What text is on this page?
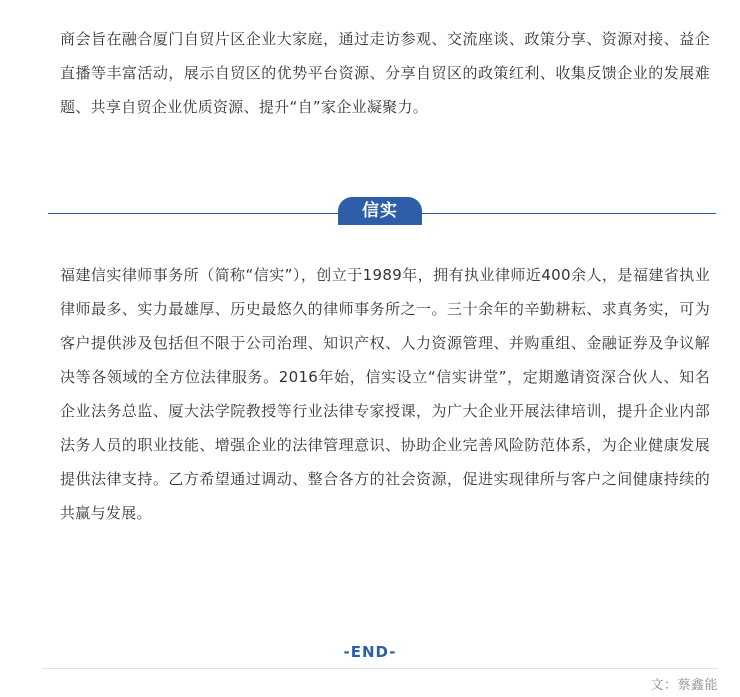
商会旨在融合厦门自贸片区企业大家庭，通过走访参观、交流座谈、政策分享、资源对接、益企直播等丰富活动，展示自贸区的优势平台资源、分享自贸区的政策红利、收集反馈企业的发展难题、共享自贸企业优质资源、提升“自”家企业凝聚力。

信实

福建信实律师事务所（简称“信实”），创立于1989年，拥有执业律师近400余人，是福建省执业律师最多、实力最雄厚、历史最悠久的律师事务所之一。三十余年的辛勤耕耘、求真务实，可为客户提供涉及包括但不限于公司治理、知识产权、人力资源管理、并购重组、金融证券及争议解决等各领域的全方位法律服务。2016年始，信实设立“信实讲堂”，定期邀请资深合伙人、知名企业法务总监、厦大法学院教授等行业法律专家授课，为广大企业开展法律培训，提升企业内部法务人员的职业技能、增强企业的法律管理意识、协助企业完善风险防范体系，为企业健康发展提供法律支持。乙方希望通过调动、整合各方的社会资源，促进实现律所与客户之间健康持续的共赢与发展。

-END-
文：蔡鑫能
